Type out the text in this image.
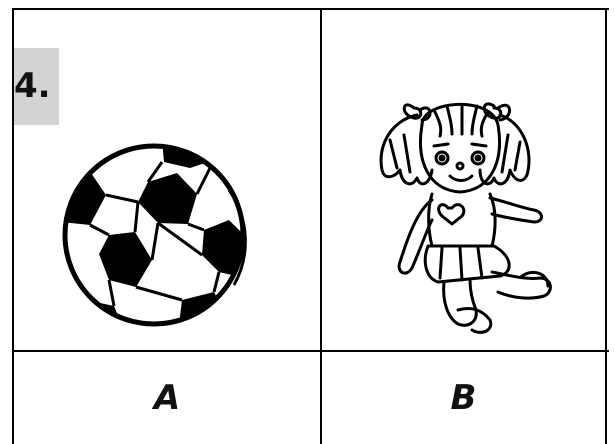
4.
A	B
